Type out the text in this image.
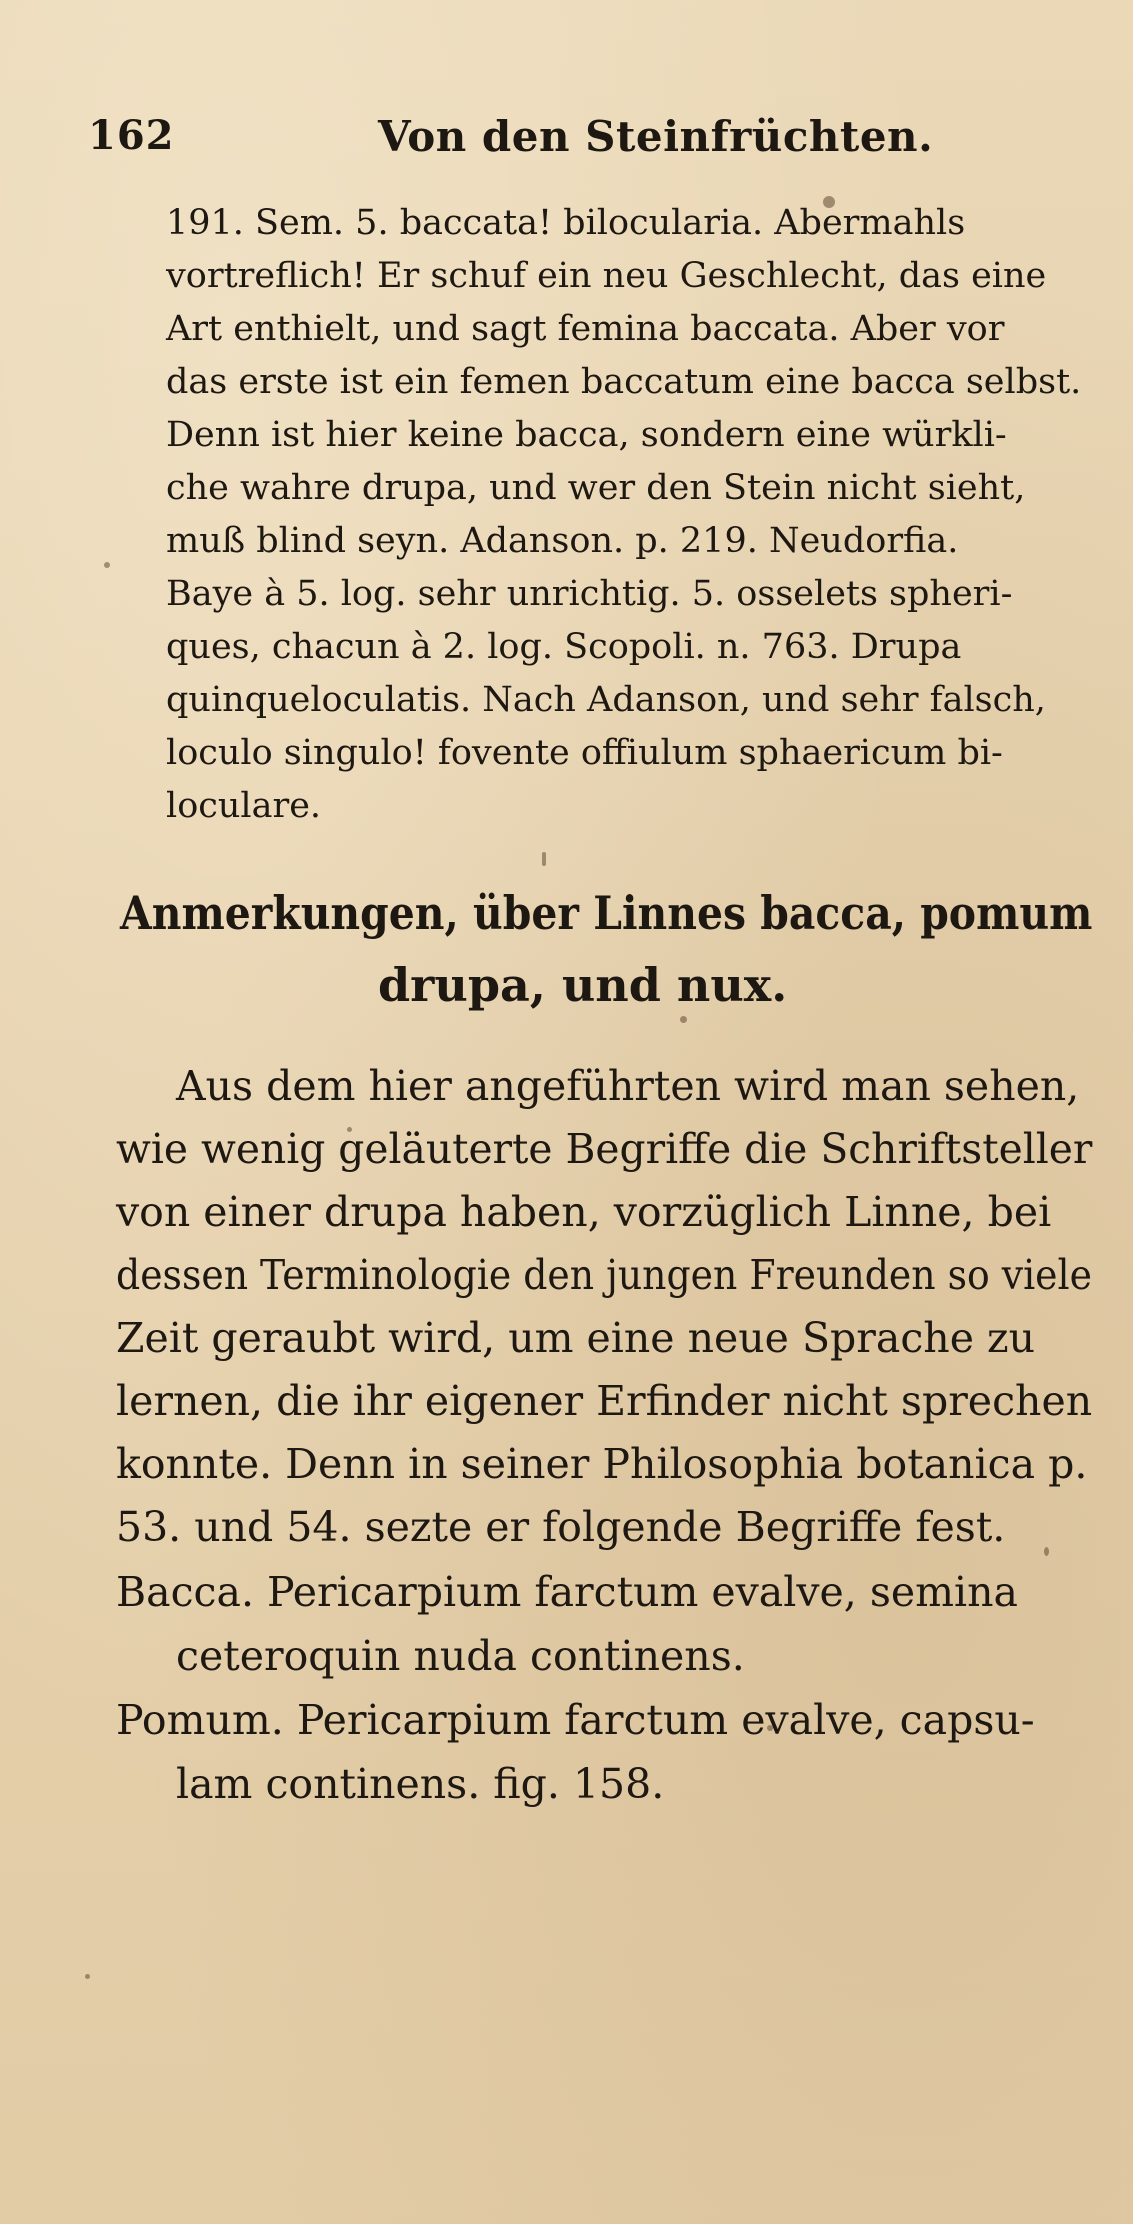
162	Von den Steinfrüchten.
191. Sem. 5. baccata! bilocularia. Abermahls
vortreflich! Er schuf ein neu Geschlecht, das eine
Art enthielt, und sagt femina baccata. Aber vor
das erste ist ein femen baccatum eine bacca selbst.
Denn ist hier keine bacca, sondern eine würkli-
che wahre drupa, und wer den Stein nicht sieht,
muß blind seyn. Adanson. p. 219. Neudorfia.
Baye à 5. log. sehr unrichtig. 5. osselets spheri-
ques, chacun à 2. log. Scopoli. n. 763. Drupa
quinqueloculatis. Nach Adanson, und sehr falsch,
loculo singulo! fovente offiulum sphaericum bi-
loculare.
Anmerkungen, über Linnes bacca, pomum
drupa, und nux.
Aus dem hier angeführten wird man sehen,
wie wenig geläuterte Begriffe die Schriftsteller
von einer drupa haben, vorzüglich Linne, bei
dessen Terminologie den jungen Freunden so viele
Zeit geraubt wird, um eine neue Sprache zu
lernen, die ihr eigener Erfinder nicht sprechen
konnte. Denn in seiner Philosophia botanica p.
53. und 54. sezte er folgende Begriffe fest.
Bacca. Pericarpium farctum evalve, semina
ceteroquin nuda continens.
Pomum. Pericarpium farctum evalve, capsu-
lam continens. fig. 158.
